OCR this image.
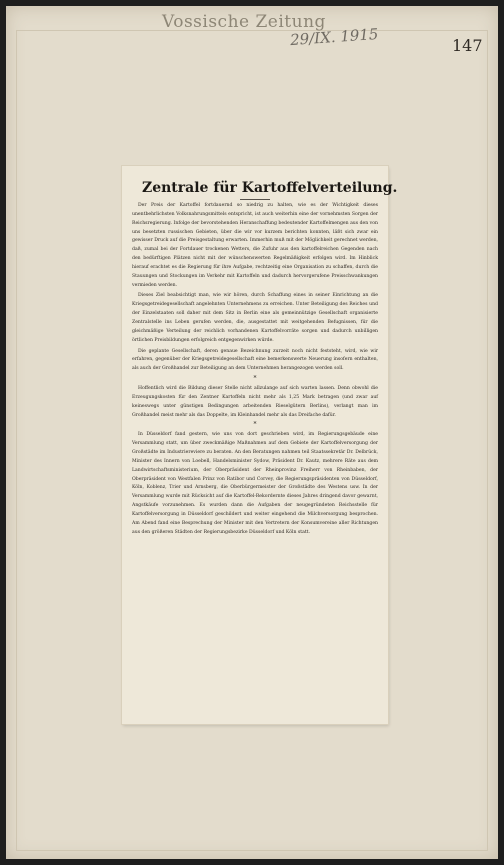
Vossische Zeitung
29/IX. 1915	147
Zentrale für Kartoffelverteilung.

Der Preis der Kartoffel fortdauernd so niedrig zu halten, wie es der Wichtigkeit dieses unentbehrlichsten Volksnahrungsmittels entspricht, ist auch weiterhin eine der vornehmsten Sorgen der Reichsregierung. Infolge der bevorstehenden Heranschaffung bedeutender Kartoffelmengen aus den von uns besetzten russischen Gebieten, über die wir vor kurzem berichten konnten, läßt sich zwar ein gewisser Druck auf die Preisgestaltung erwarten. Immerhin muß mit der Möglichkeit gerechnet werden, daß, zumal bei der Fortdauer trockenen Wetters, die Zufuhr aus den kartoffelreichen Gegenden nach den bedürftigen Plätzen nicht mit der wünschenswerten Regelmäßigkeit erfolgen wird. Im Hinblick hierauf erachtet es die Regierung für ihre Aufgabe, rechtzeitig eine Organisation zu schaffen, durch die Stauungen und Stockungen im Verkehr mit Kartoffeln und dadurch hervorgerufene Preisschwankungen vermieden werden.

Dieses Ziel beabsichtigt man, wie wir hören, durch Schaffung eines in seiner Einrichtung an die Kriegsgetreidegesellschaft angelehnten Unternehmens zu erreichen. Unter Beteiligung des Reiches und der Einzelstaaten soll daher mit dem Sitz in Berlin eine als gemeinnützige Gesellschaft organisierte Zentralstelle ins Leben gerufen werden, die, ausgestattet mit weitgehenden Befugnissen, für die gleichmäßige Verteilung der reichlich vorhandenen Kartoffelvorräte sorgen und dadurch unbilligen örtlichen Preisbildungen erfolgreich entgegenwirken würde.

Die geplante Gesellschaft, deren genaue Bezeichnung zurzeit noch nicht feststeht, wird, wie wir erfahren, gegenüber der Kriegsgetreidegesellschaft eine bemerkenswerte Neuerung insofern enthalten, als auch der Großhandel zur Beteiligung an dem Unternehmen herangezogen werden soll.

*

Hoffentlich wird die Bildung dieser Stelle nicht allzulange auf sich warten lassen. Denn obwohl die Erzeugungskosten für den Zentner Kartoffeln nicht mehr als 1,25 Mark betragen (und zwar auf keineswegs unter günstigen Bedingungen arbeitenden Rieselgütern Berlins), verlangt man im Großhandel meist mehr als das Doppelte, im Kleinhandel mehr als das Dreifache dafür.

*

In Düsseldorf fand gestern, wie uns von dort geschrieben wird, im Regierungsgebäude eine Versammlung statt, um über zweckmäßige Maßnahmen auf dem Gebiete der Kartoffelversorgung der Großstädte im Industriereviere zu beraten. An den Beratungen nahmen teil Staatssekretär Dr. Delbrück, Minister des Innern von Loebell, Handelsminister Sydow, Präsident Dr. Kautz, mehrere Räte aus dem Landwirtschaftsministerium, der Oberpräsident der Rheinprovinz Freiherr von Rheinbaben, der Oberpräsident von Westfalen Prinz von Ratibor und Corvey, die Regierungspräsidenten von Düsseldorf, Köln, Koblenz, Trier und Arnsberg, die Oberbürgermeister der Großstädte des Westens usw. In der Versammlung wurde mit Rücksicht auf die Kartoffel-Rekordernte dieses Jahres dringend davor gewarnt, Angstkäufe vorzunehmen. Es wurden dann die Aufgaben der neugegründeten Reichsstelle für Kartoffelversorgung in Düsseldorf geschildert und weiter eingehend die Milchversorgung besprochen. Am Abend fand eine Besprechung der Minister mit den Vertretern der Konsumvereine aller Richtungen aus den größeren Städten der Regierungsbezirke Düsseldorf und Köln statt.
